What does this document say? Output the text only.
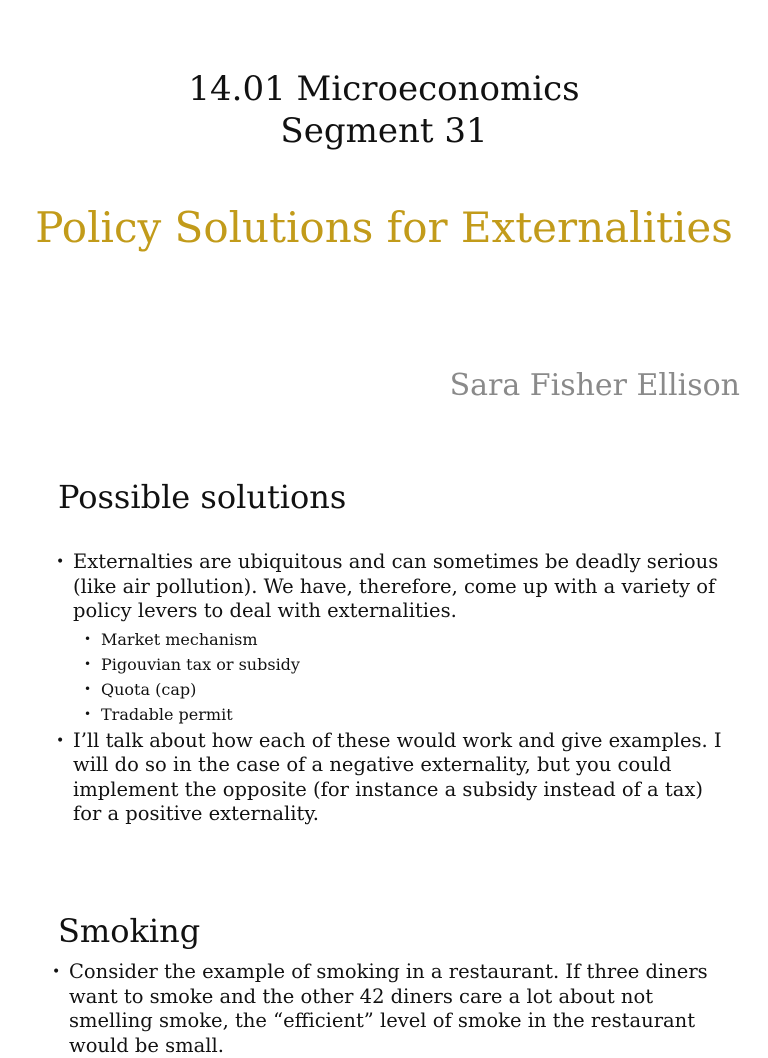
14.01 Microeconomics
Segment 31
Policy Solutions for Externalities
Sara Fisher Ellison
Possible solutions
• Externalties are ubiquitous and can sometimes be deadly serious (like air pollution). We have, therefore, come up with a variety of policy levers to deal with externalities.
• Market mechanism
• Pigouvian tax or subsidy
• Quota (cap)
• Tradable permit
• I’ll talk about how each of these would work and give examples. I will do so in the case of a negative externality, but you could implement the opposite (for instance a subsidy instead of a tax) for a positive externality.
Smoking
• Consider the example of smoking in a restaurant. If three diners want to smoke and the other 42 diners care a lot about not smelling smoke, the “efficient” level of smoke in the restaurant would be small.
